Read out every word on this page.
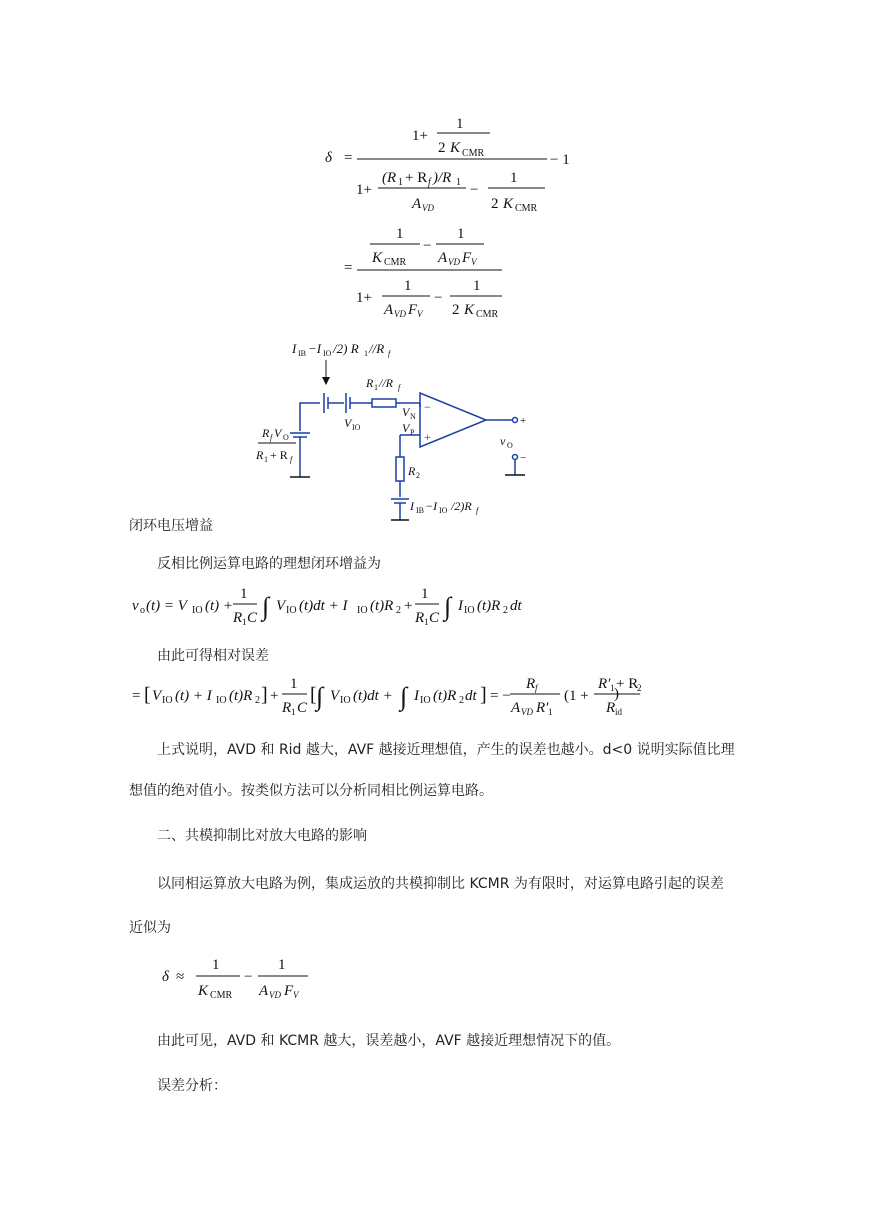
δ =
1+
1
2 K CMR	− 1
1+
(R 1 + R f )/R 1
A VD
−
1
2 K CMR
=
1
K CMR
−
1
A VD F V
1+
1
A VD F V
−
1
2 K CMR
I IB −I IO /2) R 1 //R f
R 1 //R f
V IO
V N
V P
−
+
+
−
v O
R 2
I IB −I IO /2)R f
R f V O
R 1 + R f
闭环电压增益
反相比例运算电路的理想闭环增益为
v o (t) = V IO (t) +
1
R 1 C ∫ V IO (t)dt + I IO (t)R 2 +
1
R 1 C ∫ I IO (t)R 2 dt
由此可得相对误差
= [ V IO (t) + I IO (t)R 2 ] +
1
R 1 C
[ ∫ V IO (t)dt + ∫ I IO (t)R 2 dt ] = −
R f
A VD R′ 1
(1 +
R′ 1 + R
2
R id
)
上式说明，AVD 和 Rid 越大，AVF 越接近理想值，产生的误差也越小。d<0 说明实际值比理
想值的绝对值小。按类似方法可以分析同相比例运算电路。
二、共模抑制比对放大电路的影响
以同相运算放大电路为例，集成运放的共模抑制比 KCMR 为有限时，对运算电路引起的误差
近似为
δ ≈
1
K CMR
−
1
A VD F V
由此可见，AVD 和 KCMR 越大，误差越小，AVF 越接近理想情况下的值。
误差分析：
